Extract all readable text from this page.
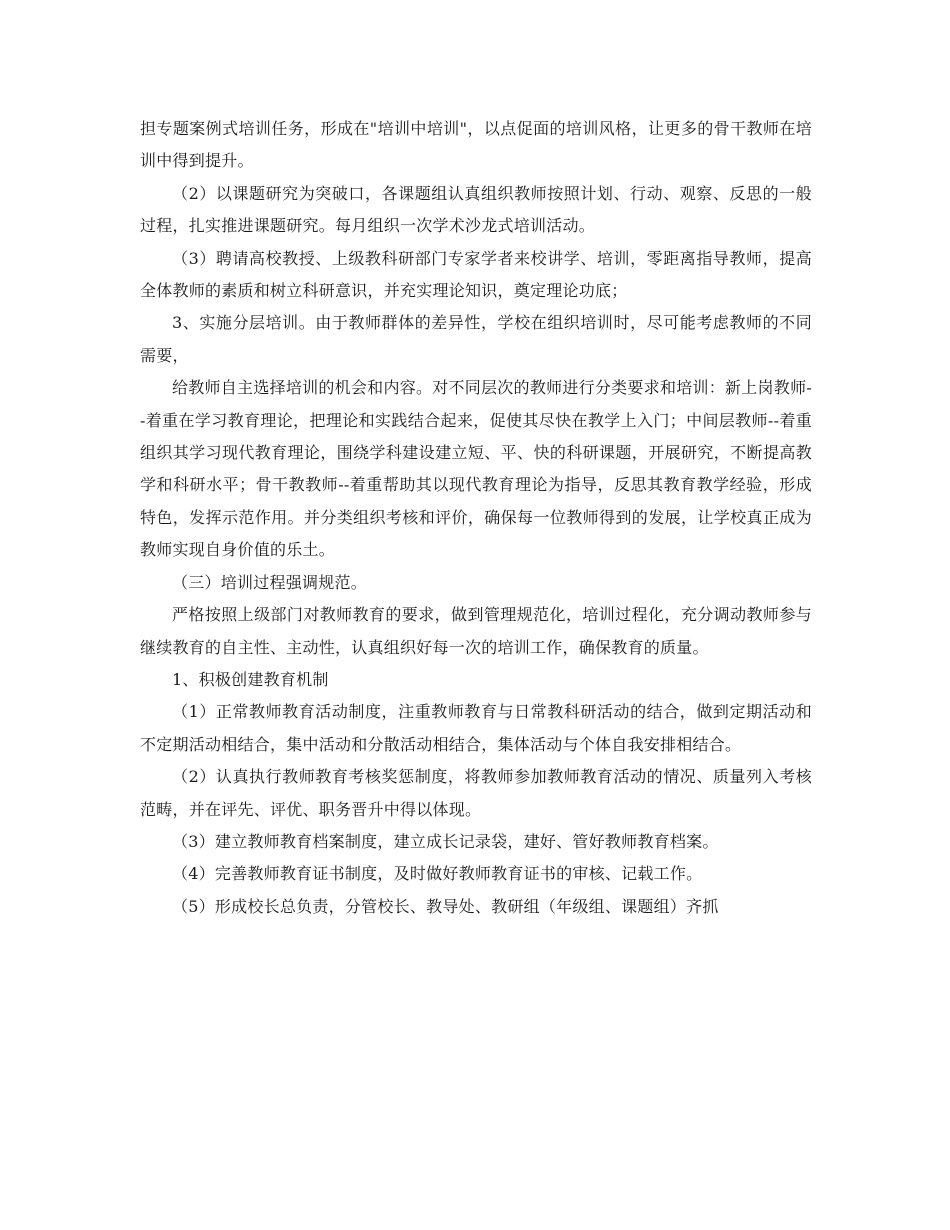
担专题案例式培训任务，形成在"培训中培训"，以点促面的培训风格，让更多的骨干教师在培训中得到提升。

（2）以课题研究为突破口，各课题组认真组织教师按照计划、行动、观察、反思的一般过程，扎实推进课题研究。每月组织一次学术沙龙式培训活动。

（3）聘请高校教授、上级教科研部门专家学者来校讲学、培训，零距离指导教师，提高全体教师的素质和树立科研意识，并充实理论知识，奠定理论功底；

3、实施分层培训。由于教师群体的差异性，学校在组织培训时，尽可能考虑教师的不同需要，

给教师自主选择培训的机会和内容。对不同层次的教师进行分类要求和培训：新上岗教师--着重在学习教育理论，把理论和实践结合起来，促使其尽快在教学上入门；中间层教师--着重组织其学习现代教育理论，围绕学科建设建立短、平、快的科研课题，开展研究，不断提高教学和科研水平；骨干教教师--着重帮助其以现代教育理论为指导，反思其教育教学经验，形成特色，发挥示范作用。并分类组织考核和评价，确保每一位教师得到的发展，让学校真正成为教师实现自身价值的乐土。

（三）培训过程强调规范。

严格按照上级部门对教师教育的要求，做到管理规范化，培训过程化，充分调动教师参与继续教育的自主性、主动性，认真组织好每一次的培训工作，确保教育的质量。

1、积极创建教育机制

（1）正常教师教育活动制度，注重教师教育与日常教科研活动的结合，做到定期活动和不定期活动相结合，集中活动和分散活动相结合，集体活动与个体自我安排相结合。

（2）认真执行教师教育考核奖惩制度，将教师参加教师教育活动的情况、质量列入考核范畴，并在评先、评优、职务晋升中得以体现。

（3）建立教师教育档案制度，建立成长记录袋，建好、管好教师教育档案。

（4）完善教师教育证书制度，及时做好教师教育证书的审核、记载工作。

（5）形成校长总负责，分管校长、教导处、教研组（年级组、课题组）齐抓
